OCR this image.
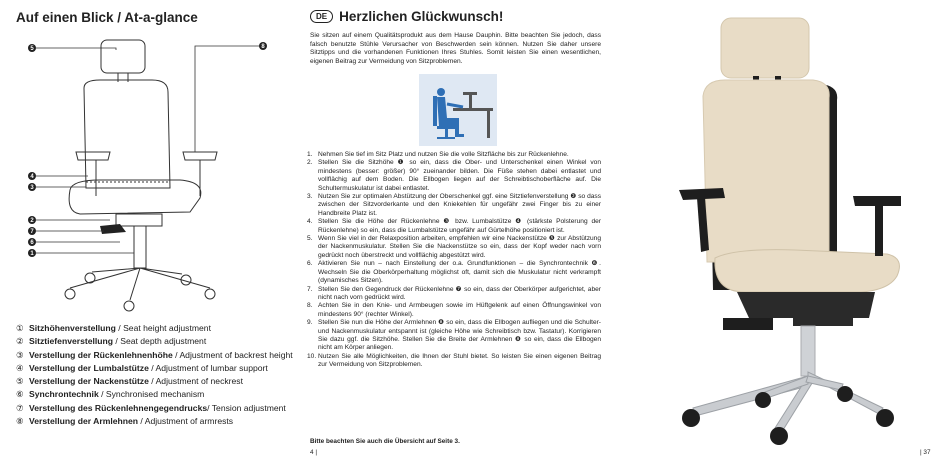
Auf einen Blick / At-a-glance
5	8
4
3
2
7
6
1
① Sitzhöhenverstellung / Seat height adjustment
② Sitztiefenverstellung / Seat depth adjustment
③ Verstellung der Rückenlehnenhöhe / Adjustment of backrest height
④ Verstellung der Lumbalstütze / Adjustment of lumbar support
⑤ Verstellung der Nackenstütze / Adjustment of neckrest
⑥ Synchrontechnik / Synchronised mechanism
⑦ Verstellung des Rückenlehnengegendrucks/ Tension adjustment
⑧ Verstellung der Armlehnen / Adjustment of armrests
DE Herzlichen Glückwunsch!
Sie sitzen auf einem Qualitätsprodukt aus dem Hause Dauphin. Bitte beachten Sie jedoch, dass falsch benutzte Stühle Verursacher von Beschwerden sein können. Nutzen Sie daher unsere Sitztipps und die vorhandenen Funktionen Ihres Stuhles. Somit leisten Sie einen wesentlichen, eigenen Beitrag zur Vermeidung von Sitzproblemen.
1. Nehmen Sie tief im Sitz Platz und nutzen Sie die volle Sitzfläche bis zur Rückenlehne.
2. Stellen Sie die Sitzhöhe ❶ so ein, dass die Ober- und Unterschenkel einen Winkel von mindestens (besser: größer) 90° zueinander bilden. Die Füße stehen dabei entlastet und vollflächig auf dem Boden. Die Ellbogen liegen auf der Schreibtischoberfläche auf. Die Schultermuskulatur ist dabei entlastet.
3. Nutzen Sie zur optimalen Abstützung der Oberschenkel ggf. eine Sitztiefenverstellung ❷ so dass zwischen der Sitzvorderkante und den Kniekehlen für ungefähr zwei Finger bis zu einer Handbreite Platz ist.
4. Stellen Sie die Höhe der Rückenlehne ❸ bzw. Lumbalstütze ❹ (stärkste Polsterung der Rückenlehne) so ein, dass die Lumbalstütze ungefähr auf Gürtelhöhe positioniert ist.
5. Wenn Sie viel in der Relaxposition arbeiten, empfehlen wir eine Nackenstütze ❺ zur Abstützung der Nackenmuskulatur. Stellen Sie die Nackenstütze so ein, dass der Kopf weder nach vorn gedrückt noch überstreckt und vollflächig abgestützt wird.
6. Aktivieren Sie nun – nach Einstellung der o.a. Grundfunktionen – die Synchrontechnik ❻. Wechseln Sie die Oberkörperhaltung möglichst oft, damit sich die Muskulatur nicht verkrampft (dynamisches Sitzen).
7. Stellen Sie den Gegendruck der Rückenlehne ❼ so ein, dass der Oberkörper aufgerichtet, aber nicht nach vorn gedrückt wird.
8. Achten Sie in den Knie- und Armbeugen sowie im Hüftgelenk auf einen Öffnungswinkel von mindestens 90° (rechter Winkel).
9. Stellen Sie nun die Höhe der Armlehnen ❽ so ein, dass die Ellbogen aufliegen und die Schulter- und Nackenmuskulatur entspannt ist (gleiche Höhe wie Schreibtisch bzw. Tastatur). Korrigieren Sie dazu ggf. die Sitzhöhe. Stellen Sie die Breite der Armlehnen ❽ so ein, dass die Ellbogen nicht am Körper anliegen.
10. Nutzen Sie alle Möglichkeiten, die Ihnen der Stuhl bietet. So leisten Sie einen eigenen Beitrag zur Vermeidung von Sitzproblemen.
Bitte beachten Sie auch die Übersicht auf Seite 3.
4 |	| 37
